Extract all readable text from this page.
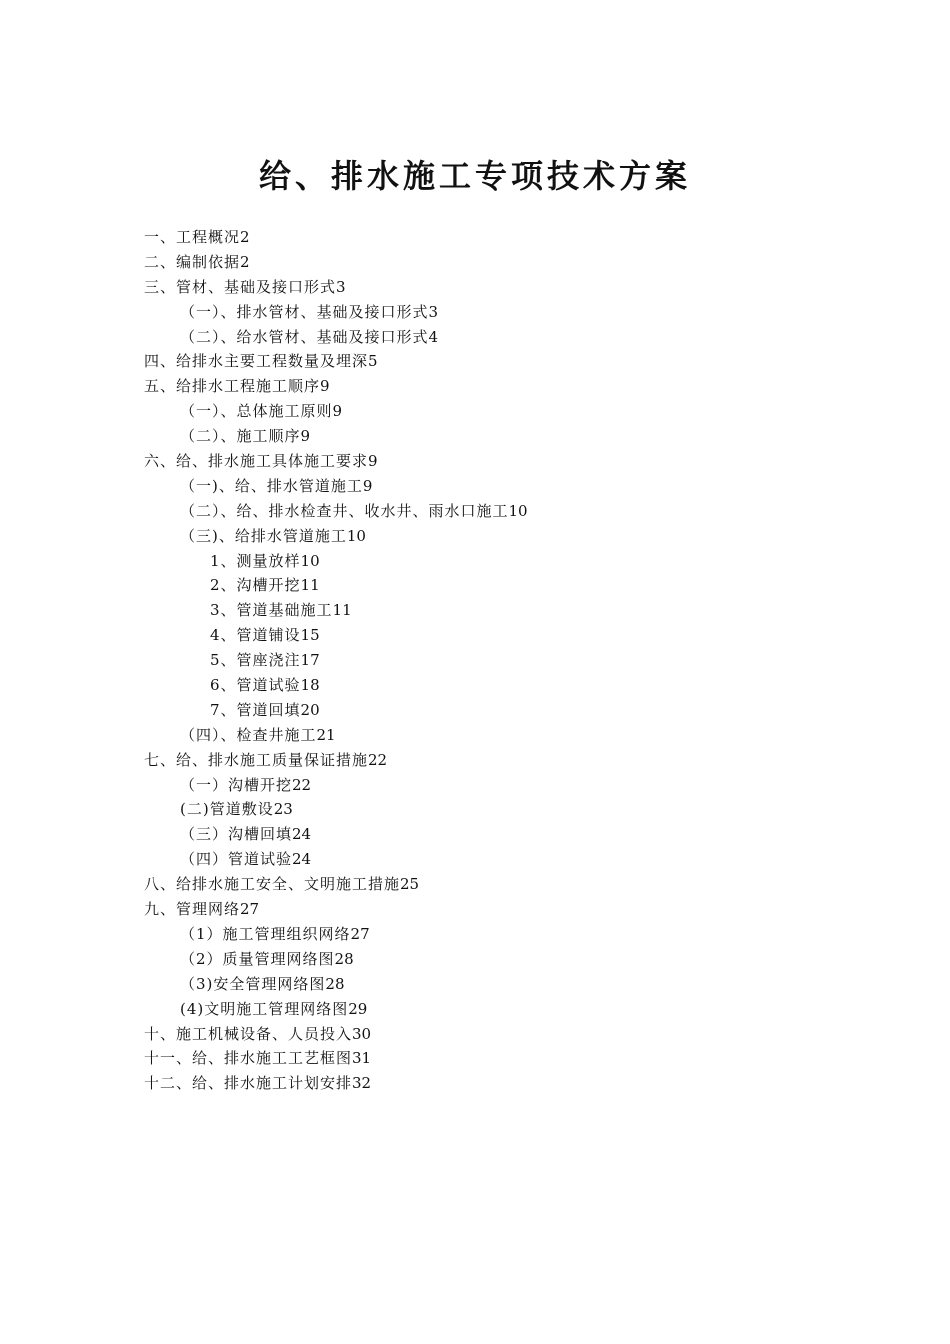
给、排水施工专项技术方案
一、工程概况2
二、编制依据2
三、管材、基础及接口形式3
（一）、排水管材、基础及接口形式3
（二）、给水管材、基础及接口形式4
四、给排水主要工程数量及埋深5
五、给排水工程施工顺序9
（一）、总体施工原则9
（二）、施工顺序9
六、给、排水施工具体施工要求9
（一)、给、排水管道施工9
（二）、给、排水检查井、收水井、雨水口施工10
（三)、给排水管道施工10
1、测量放样10
2、沟槽开挖11
3、管道基础施工11
4、管道铺设15
5、管座浇注17
6、管道试验18
7、管道回填20
（四）、检查井施工21
七、给、排水施工质量保证措施22
（一）沟槽开挖22
(二)管道敷设23
（三）沟槽回填24
（四）管道试验24
八、给排水施工安全、文明施工措施25
九、管理网络27
（1）施工管理组织网络27
（2）质量管理网络图28
（3)安全管理网络图28
(4)文明施工管理网络图29
十、施工机械设备、人员投入30
十一、给、排水施工工艺框图31
十二、给、排水施工计划安排32
